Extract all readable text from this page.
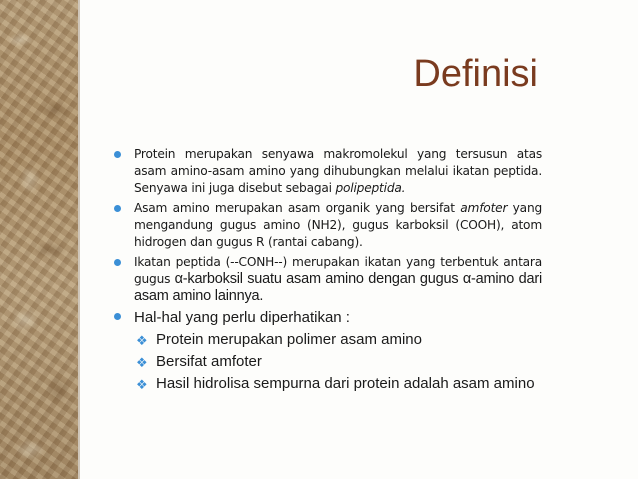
Definisi
Protein merupakan senyawa makromolekul yang tersusun atas asam amino-asam amino yang dihubungkan melalui ikatan peptida. Senyawa ini juga disebut sebagai polipeptida.
Asam amino merupakan asam organik yang bersifat amfoter yang mengandung gugus amino (NH2), gugus karboksil (COOH), atom hidrogen dan gugus R (rantai cabang).
Ikatan peptida (--CONH--) merupakan ikatan yang terbentuk antara gugus α-karboksil suatu asam amino dengan gugus α-amino dari asam amino lainnya.
Hal-hal yang perlu diperhatikan :
❖ Protein merupakan polimer asam amino
❖ Bersifat amfoter
❖ Hasil hidrolisa sempurna dari protein adalah asam amino
